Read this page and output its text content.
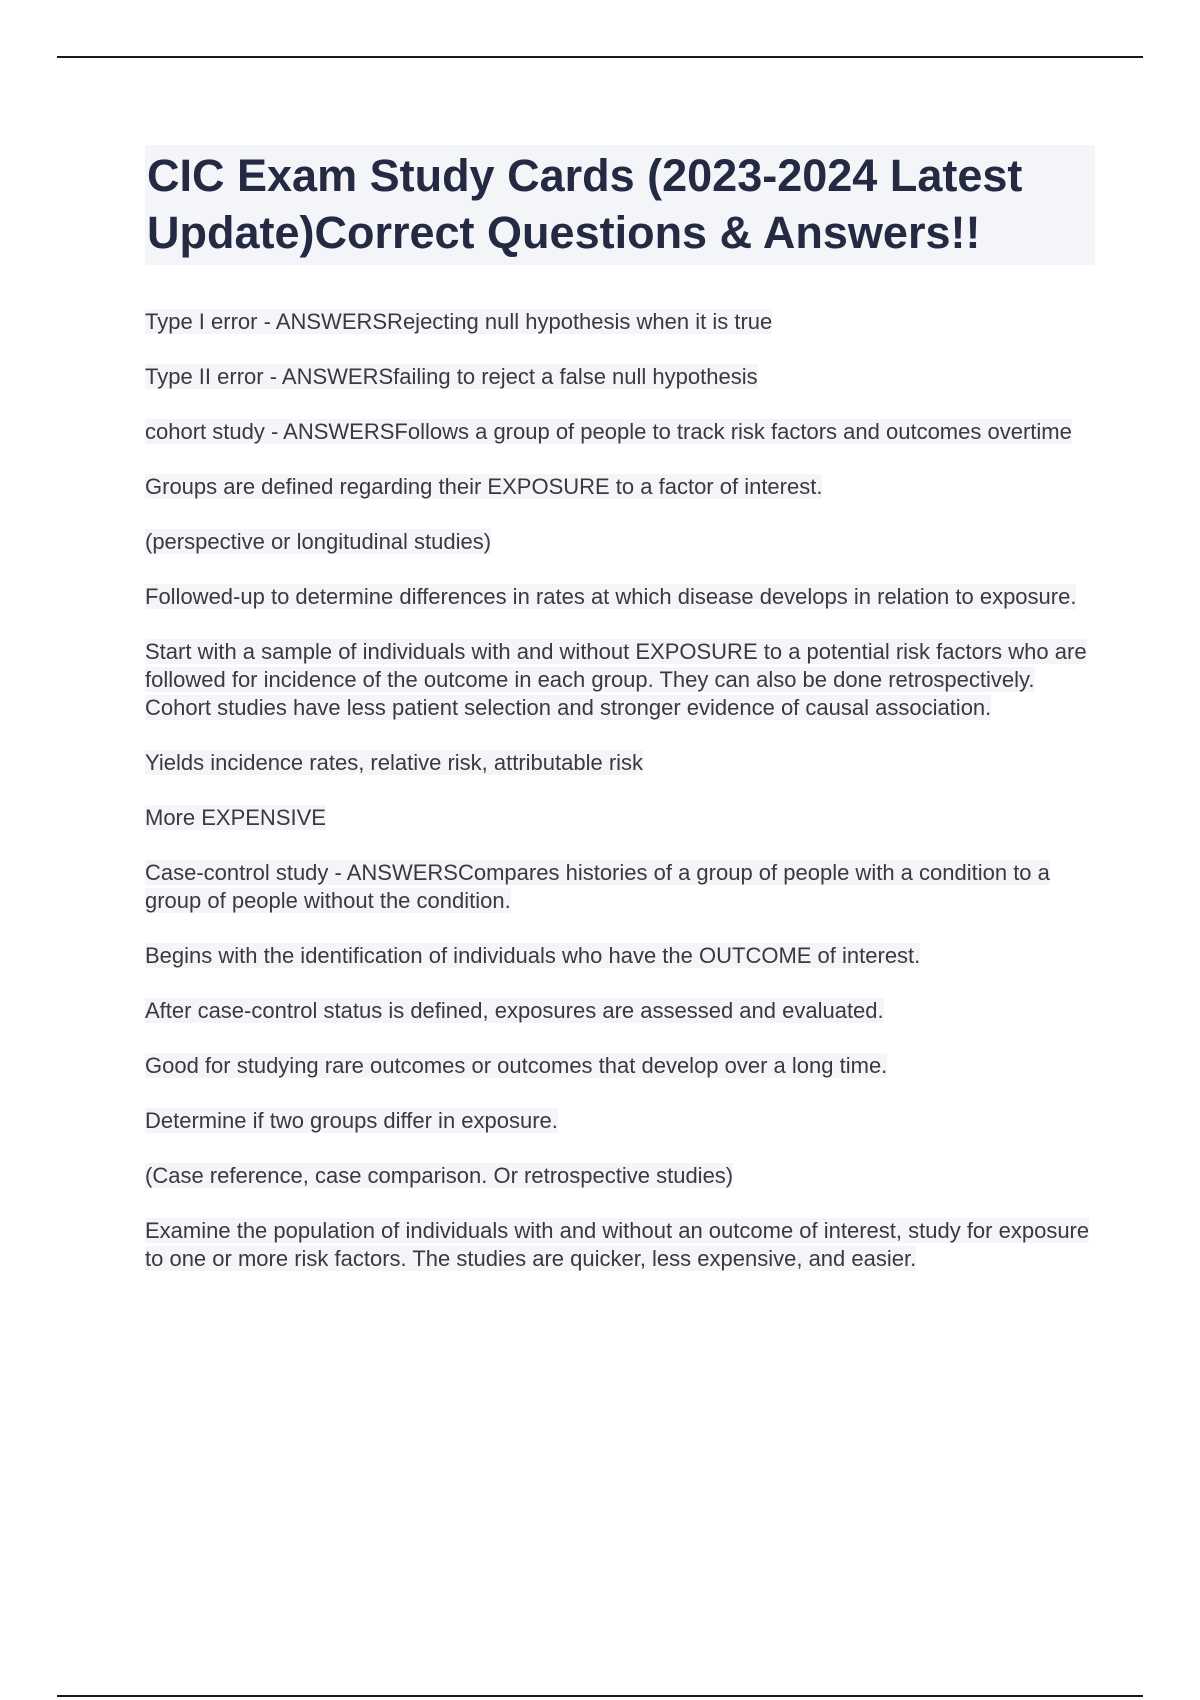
CIC Exam Study Cards (2023-2024 Latest Update)Correct Questions & Answers!!

Type I error - ANSWERSRejecting null hypothesis when it is true

Type II error - ANSWERSfailing to reject a false null hypothesis

cohort study - ANSWERSFollows a group of people to track risk factors and outcomes overtime

Groups are defined regarding their EXPOSURE to a factor of interest.

(perspective or longitudinal studies)

Followed-up to determine differences in rates at which disease develops in relation to exposure.

Start with a sample of individuals with and without EXPOSURE to a potential risk factors who are followed for incidence of the outcome in each group. They can also be done retrospectively. Cohort studies have less patient selection and stronger evidence of causal association.

Yields incidence rates, relative risk, attributable risk

More EXPENSIVE

Case-control study - ANSWERSCompares histories of a group of people with a condition to a group of people without the condition.

Begins with the identification of individuals who have the OUTCOME of interest.

After case-control status is defined, exposures are assessed and evaluated.

Good for studying rare outcomes or outcomes that develop over a long time.

Determine if two groups differ in exposure.

(Case reference, case comparison. Or retrospective studies)

Examine the population of individuals with and without an outcome of interest, study for exposure to one or more risk factors. The studies are quicker, less expensive, and easier.
